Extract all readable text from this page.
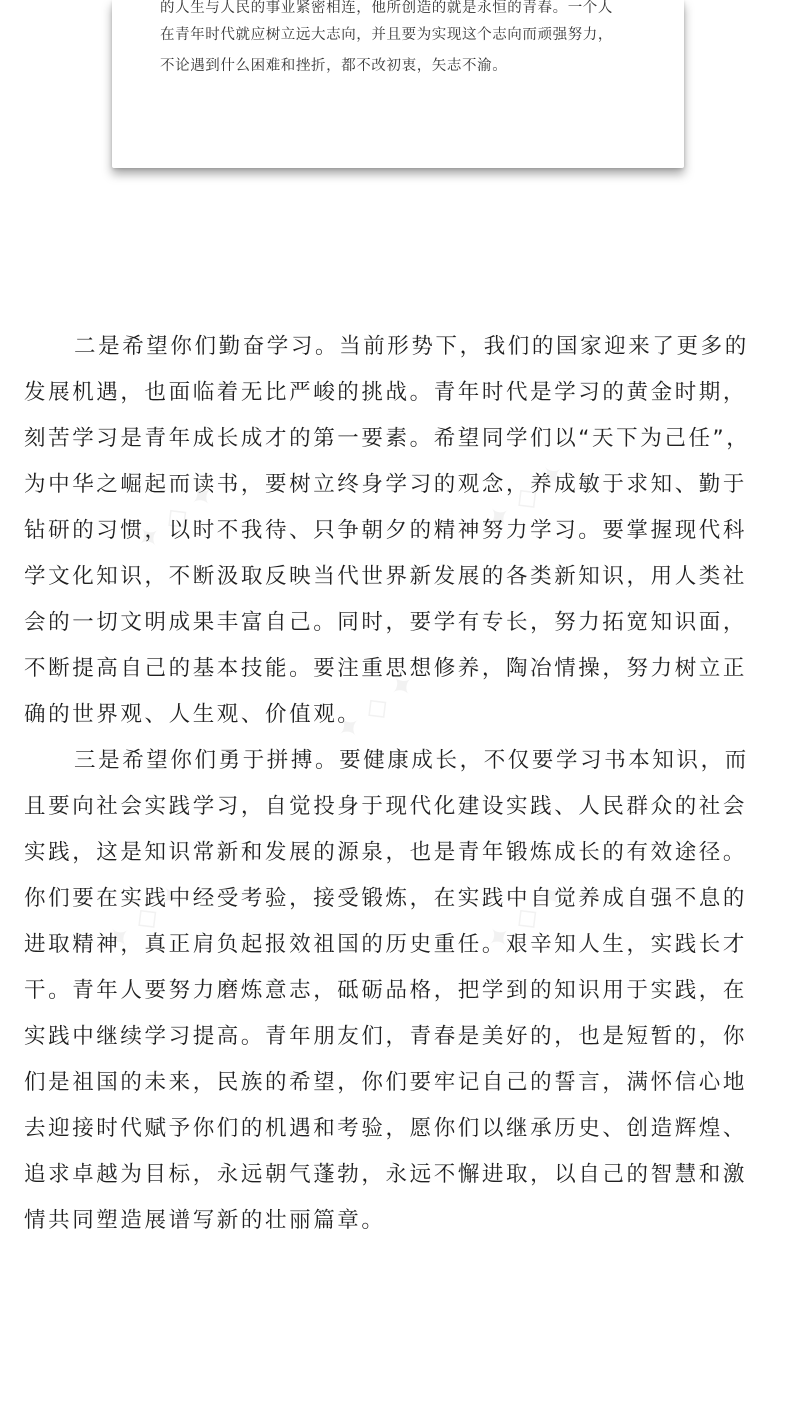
的人生与人民的事业紧密相连，他所创造的就是永恒的青春。一个人
在青年时代就应树立远大志向，并且要为实现这个志向而顽强努力，
不论遇到什么困难和挫折，都不改初衷，矢志不渝。
✦ ◇ ✦	✦ ◇ ✦
✦ ◇ ✦
✦ ◇ ✦	✦ ◇ ✦
二是希望你们勤奋学习。当前形势下，我们的国家迎来了更多的
发展机遇，也面临着无比严峻的挑战。青年时代是学习的黄金时期，
刻苦学习是青年成长成才的第一要素。希望同学们以“天下为己任”，
为中华之崛起而读书，要树立终身学习的观念，养成敏于求知、勤于
钻研的习惯，以时不我待、只争朝夕的精神努力学习。要掌握现代科
学文化知识，不断汲取反映当代世界新发展的各类新知识，用人类社
会的一切文明成果丰富自己。同时，要学有专长，努力拓宽知识面，
不断提高自己的基本技能。要注重思想修养，陶冶情操，努力树立正
确的世界观、人生观、价值观。
三是希望你们勇于拼搏。要健康成长，不仅要学习书本知识，而
且要向社会实践学习，自觉投身于现代化建设实践、人民群众的社会
实践，这是知识常新和发展的源泉，也是青年锻炼成长的有效途径。
你们要在实践中经受考验，接受锻炼，在实践中自觉养成自强不息的
进取精神，真正肩负起报效祖国的历史重任。艰辛知人生，实践长才
干。青年人要努力磨炼意志，砥砺品格，把学到的知识用于实践，在
实践中继续学习提高。青年朋友们，青春是美好的，也是短暂的，你
们是祖国的未来，民族的希望，你们要牢记自己的誓言，满怀信心地
去迎接时代赋予你们的机遇和考验，愿你们以继承历史、创造辉煌、
追求卓越为目标，永远朝气蓬勃，永远不懈进取，以自己的智慧和激
情共同塑造展谱写新的壮丽篇章。
